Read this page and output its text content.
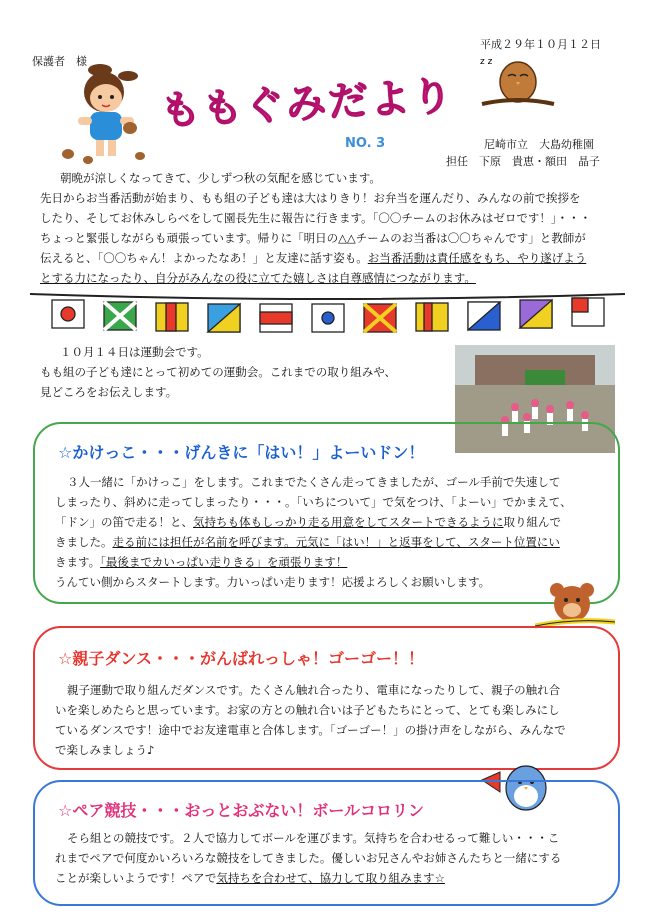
平成２９年１０月１２日
保護者　様
ももぐみだより
NO. 3
z z
尼崎市立　大島幼稚園
担任　下原　貴恵・額田　晶子
朝晩が涼しくなってきて、少しずつ秋の気配を感じています。
先日からお当番活動が始まり、もも組の子ども達は大はりきり！お弁当を運んだり、みんなの前で挨拶を
したり、そしてお休みしらべをして園長先生に報告に行きます。「〇〇チームのお休みはゼロです！」・・・
ちょっと緊張しながらも頑張っています。帰りに「明日の△△チームのお当番は〇〇ちゃんです」と教師が
伝えると、「〇〇ちゃん！よかったなあ！」と友達に話す姿も。お当番活動は責任感をもち、やり遂げよう
とする力になったり、自分がみんなの役に立てた嬉しさは自尊感情につながります。
１０月１４日は運動会です。
もも組の子ども達にとって初めての運動会。これまでの取り組みや、
見どころをお伝えします。
☆かけっこ・・・げんきに「はい！」よーいドン！
３人一緒に「かけっこ」をします。これまでたくさん走ってきましたが、ゴール手前で失速して
しまったり、斜めに走ってしまったり・・・。「いちについて」で気をつけ、「よーい」でかまえて、
「ドン」の笛で走る！と、気持ちも体もしっかり走る用意をしてスタートできるように取り組んで
きました。走る前には担任が名前を呼びます。元気に「はい！」と返事をして、スタート位置にい
きます。「最後までカいっぱい走りきる」を頑張ります！
うんてい側からスタートします。力いっぱい走ります！応援よろしくお願いします。
☆親子ダンス・・・がんばれっしゃ！ゴーゴー！！
親子運動で取り組んだダンスです。たくさん触れ合ったり、電車になったりして、親子の触れ合
いを楽しめたらと思っています。お家の方との触れ合いは子どもたちにとって、とても楽しみにし
ているダンスです！途中でお友達電車と合体します。「ゴーゴー！」の掛け声をしながら、みんなで
で楽しみましょう♪
☆ペア競技・・・おっとおぶない！ボールコロリン
そら組との競技です。２人で協力してボールを運びます。気持ちを合わせるって難しい・・・こ
れまでペアで何度かいろいろな競技をしてきました。優しいお兄さんやお姉さんたちと一緒にする
ことが楽しいようです！ペアで気持ちを合わせて、協力して取り組みます☆
